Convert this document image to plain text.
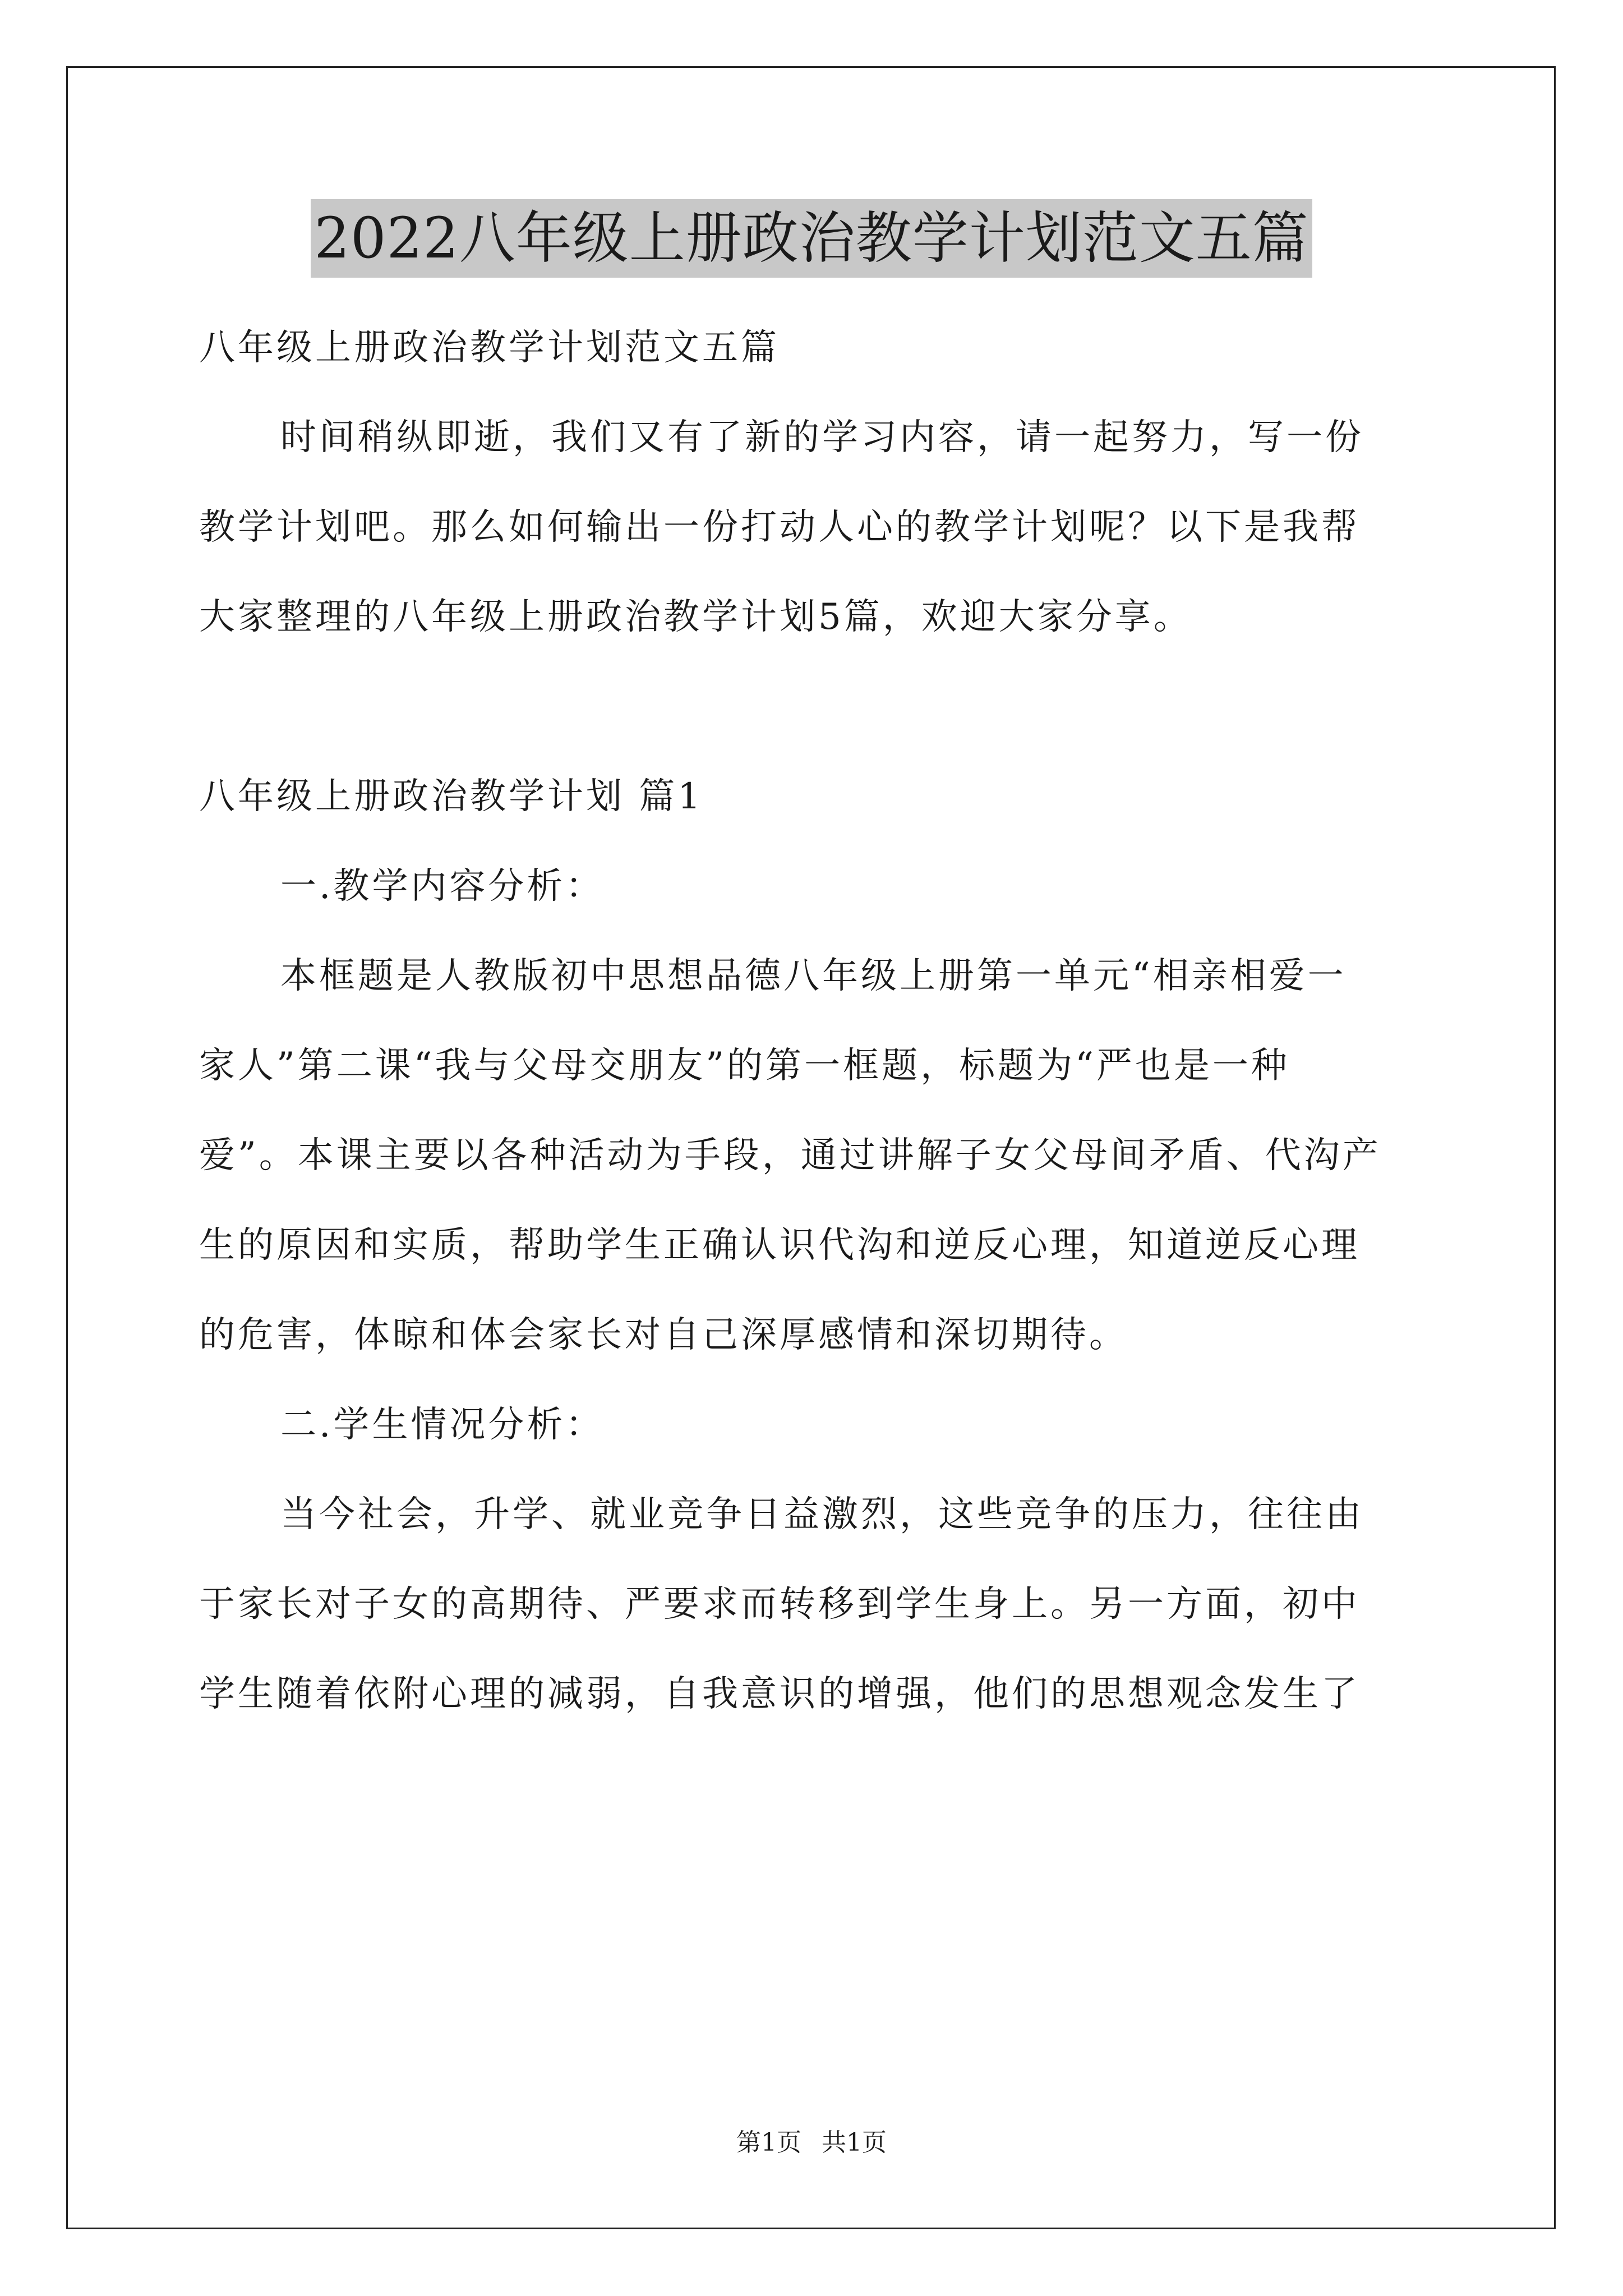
2022八年级上册政治教学计划范文五篇
八年级上册政治教学计划范文五篇
时间稍纵即逝，我们又有了新的学习内容，请一起努力，写一份
教学计划吧。那么如何输出一份打动人心的教学计划呢？以下是我帮
大家整理的八年级上册政治教学计划5篇，欢迎大家分享。
八年级上册政治教学计划 篇1
一.教学内容分析：
本框题是人教版初中思想品德八年级上册第一单元“相亲相爱一
家人”第二课“我与父母交朋友”的第一框题，标题为“严也是一种
爱”。本课主要以各种活动为手段，通过讲解子女父母间矛盾、代沟产
生的原因和实质，帮助学生正确认识代沟和逆反心理，知道逆反心理
的危害，体晾和体会家长对自己深厚感情和深切期待。
二.学生情况分析：
当今社会，升学、就业竞争日益激烈，这些竞争的压力，往往由
于家长对子女的高期待、严要求而转移到学生身上。另一方面，初中
学生随着依附心理的减弱，自我意识的增强，他们的思想观念发生了
第1页 共1页
